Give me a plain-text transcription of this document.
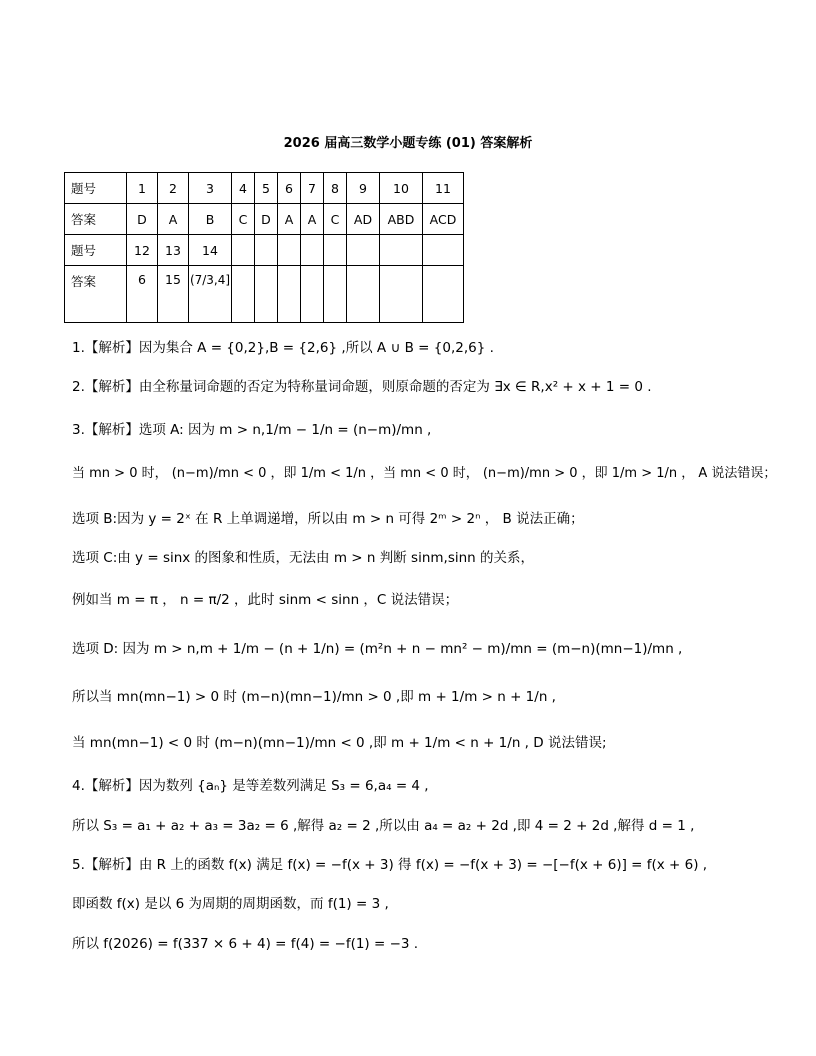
2026 届高三数学小题专练 (01) 答案解析
题号	1	2	3	4	5	6	7	8	9	10	11
答案	D	A	B	C	D	A	A	C	AD	ABD	ACD
题号	12	13	14								
答案	6	15	(7/3,4]								
1.【解析】因为集合 A = {0,2},B = {2,6} ,所以 A ∪ B = {0,2,6} .
2.【解析】由全称量词命题的否定为特称量词命题，则原命题的否定为 ∃x ∈ R,x² + x + 1 = 0 .
3.【解析】选项 A: 因为 m > n,1/m − 1/n = (n−m)/mn ,
当 mn > 0 时， (n−m)/mn < 0 ，即 1/m < 1/n ，当 mn < 0 时， (n−m)/mn > 0 ，即 1/m > 1/n ， A 说法错误；
选项 B:因为 y = 2ˣ 在 R 上单调递增，所以由 m > n 可得 2ᵐ > 2ⁿ ， B 说法正确；
选项 C:由 y = sinx 的图象和性质，无法由 m > n 判断 sinm,sinn 的关系，
例如当 m = π ， n = π/2 ，此时 sinm < sinn ，C 说法错误；
选项 D: 因为 m > n,m + 1/m − (n + 1/n) = (m²n + n − mn² − m)/mn = (m−n)(mn−1)/mn ,
所以当 mn(mn−1) > 0 时 (m−n)(mn−1)/mn > 0 ,即 m + 1/m > n + 1/n ,
当 mn(mn−1) < 0 时 (m−n)(mn−1)/mn < 0 ,即 m + 1/m < n + 1/n , D 说法错误;
4.【解析】因为数列 {aₙ} 是等差数列满足 S₃ = 6,a₄ = 4 ,
所以 S₃ = a₁ + a₂ + a₃ = 3a₂ = 6 ,解得 a₂ = 2 ,所以由 a₄ = a₂ + 2d ,即 4 = 2 + 2d ,解得 d = 1 ,
5.【解析】由 R 上的函数 f(x) 满足 f(x) = −f(x + 3) 得 f(x) = −f(x + 3) = −[−f(x + 6)] = f(x + 6) ,
即函数 f(x) 是以 6 为周期的周期函数，而 f(1) = 3 ,
所以 f(2026) = f(337 × 6 + 4) = f(4) = −f(1) = −3 .
